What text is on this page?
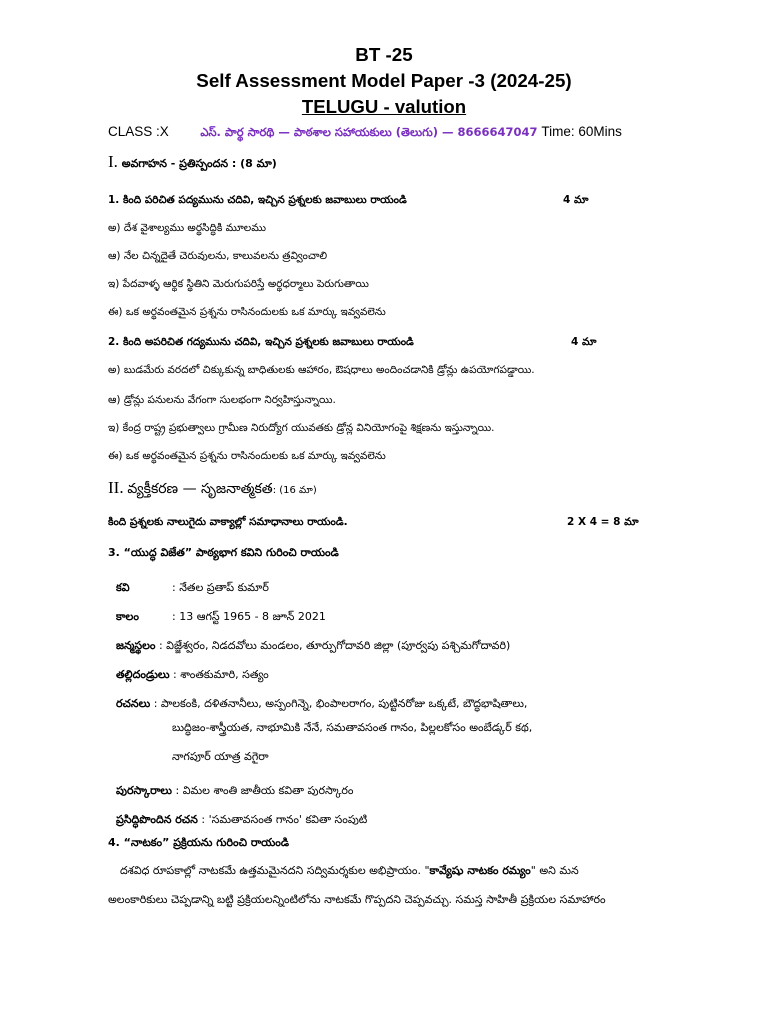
BT -25
Self Assessment Model Paper -3 (2024-25)
TELUGU - valution
CLASS :X	ఎస్. పార్థ సారథి — పాఠశాల సహాయకులు (తెలుగు) — 8666647047 Time: 60Mins
I. అవగాహన - ప్రతిస్పందన : (8 మా)
1. కింది పరిచిత పద్యమును చదివి, ఇచ్చిన ప్రశ్నలకు జవాబులు రాయండి	4 మా
అ) దేశ వైశాల్యము అర్థసిద్ధికి మూలము
ఆ) నేల చిన్నదైతే చెరువులను, కాలువలను త్రవ్వించాలి
ఇ) పేదవాళ్ళ ఆర్థిక స్థితిని మెరుగుపరిస్తే అర్థధర్మాలు పెరుగుతాయి
ఈ) ఒక అర్థవంతమైన ప్రశ్నను రాసినందులకు ఒక మార్కు ఇవ్వవలెను
2. కింది అపరిచిత గద్యమును చదివి, ఇచ్చిన ప్రశ్నలకు జవాబులు రాయండి	4 మా
అ) బుడమేరు వరదలో చిక్కుకున్న బాధితులకు ఆహారం, ఔషధాలు అందించడానికి డ్రోన్లు ఉపయోగపడ్డాయి.
ఆ) డ్రోన్లు పనులను వేగంగా సులభంగా నిర్వహిస్తున్నాయి.
ఇ) కేంద్ర రాష్ట్ర ప్రభుత్వాలు గ్రామీణ నిరుద్యోగ యువతకు డ్రోన్ల వినియోగంపై శిక్షణను ఇస్తున్నాయి.
ఈ) ఒక అర్థవంతమైన ప్రశ్నను రాసినందులకు ఒక మార్కు ఇవ్వవలెను
II. వ్యక్తీకరణ — సృజనాత్మకత: (16 మా)
కింది ప్రశ్నలకు నాలుగైదు వాక్యాల్లో సమాధానాలు రాయండి.	2 X 4 = 8 మా
3. “యుద్ధ విజేత” పాఠ్యభాగ కవిని గురించి రాయండి
కవి	: నేతల ప్రతాప్ కుమార్
కాలం	: 13 ఆగస్ట్ 1965 - 8 జూన్ 2021
జన్మస్థలం : విజ్జేశ్వరం, నిడదవోలు మండలం, తూర్పుగోదావరి జిల్లా (పూర్వపు పశ్చిమగోదావరి)
తల్లిదండ్రులు : శాంతకుమారి, సత్యం
రచనలు : పాలకంకి, దళితనానీలు, అస్పంగిన్నె, భింపాలరాగం, పుట్టినరోజు ఒక్కటే, బౌద్ధభాషితాలు,
బుద్ధిజం-శాస్త్రీయత, నాభూమికి నేనే, సమతావసంత గానం, పిల్లలకోసం అంబేడ్కర్ కథ,
నాగపూర్ యాత్ర వగైరా
పురస్కారాలు : విమల శాంతి జాతీయ కవితా పురస్కారం
ప్రసిద్ధిపొందిన రచన : 'సమతావసంత గానం' కవితా సంపుటి
4. “నాటకం” ప్రక్రియను గురించి రాయండి
దశవిధ రూపకాల్లో నాటకమే ఉత్తమమైనదని సద్విమర్శకుల అభిప్రాయం. "కావ్యేషు నాటకం రమ్యం" అని మన
అలంకారికులు చెప్పడాన్ని బట్టి ప్రక్రియలన్నింటిలోను నాటకమే గొప్పదని చెప్పవచ్చు. సమస్త సాహితీ ప్రక్రియల సమాహారం
